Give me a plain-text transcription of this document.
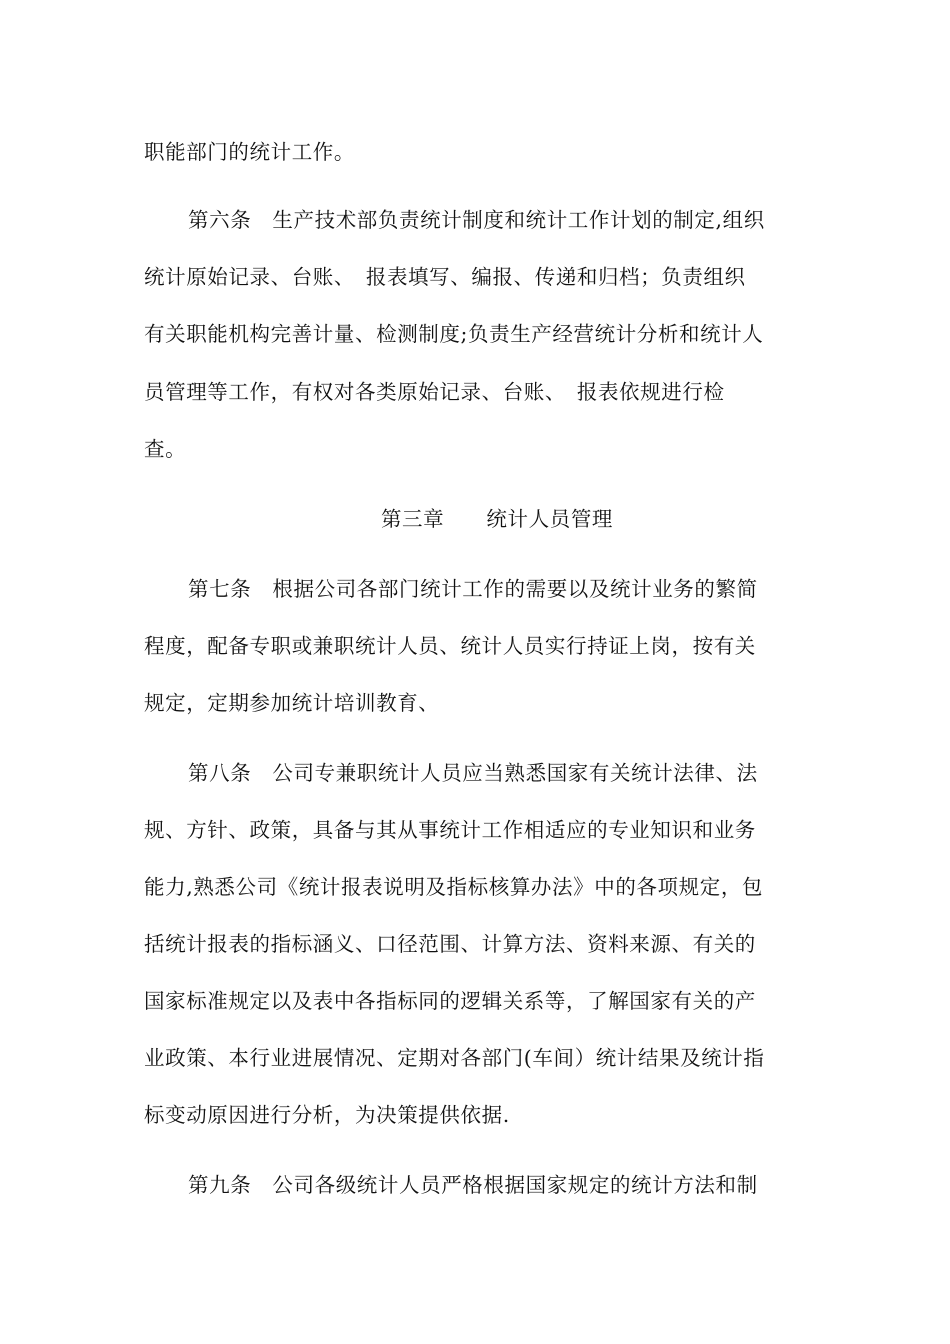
职能部门的统计工作。
第六条　生产技术部负责统计制度和统计工作计划的制定,组织
统计原始记录、台账、　报表填写、编报、传递和归档；负责组织
有关职能机构完善计量、检测制度;负责生产经营统计分析和统计人
员管理等工作，有权对各类原始记录、台账、　报表依规进行检
查。
第三章　　统计人员管理
第七条　根据公司各部门统计工作的需要以及统计业务的繁简
程度，配备专职或兼职统计人员、统计人员实行持证上岗，按有关
规定，定期参加统计培训教育、
第八条　公司专兼职统计人员应当熟悉国家有关统计法律、法
规、方针、政策，具备与其从事统计工作相适应的专业知识和业务
能力,熟悉公司《统计报表说明及指标核算办法》中的各项规定，包
括统计报表的指标涵义、口径范围、计算方法、资料来源、有关的
国家标准规定以及表中各指标同的逻辑关系等，了解国家有关的产
业政策、本行业进展情况、定期对各部门(车间）统计结果及统计指
标变动原因进行分析，为决策提供依据.
第九条　公司各级统计人员严格根据国家规定的统计方法和制
